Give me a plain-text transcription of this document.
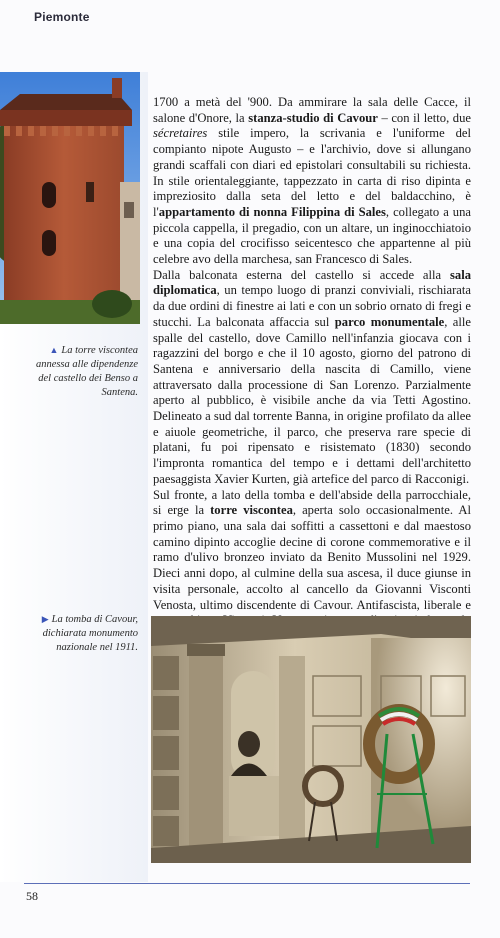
Piemonte
▲ La torre viscontea annessa alle dipendenze del castello dei Benso a Santena.
▶ La tomba di Cavour, dichiarata monumento nazionale nel 1911.

1700 a metà del '900. Da ammirare la sala delle Cacce, il salone d'Onore, la stanza-studio di Cavour – con il letto, due sécretaires stile impero, la scrivania e l'uniforme del compianto nipote Augusto – e l'archivio, dove si allungano grandi scaffali con diari ed epistolari consultabili su richiesta. In stile orientaleggiante, tappezzato in carta di riso dipinta e impreziosito dalla seta del letto e del baldacchino, è l'appartamento di nonna Filippina di Sales, collegato a una piccola cappella, il pregadio, con un altare, un inginocchiatoio e una copia del crocifisso seicentesco che appartenne al più celebre avo della marchesa, san Francesco di Sales.

Dalla balconata esterna del castello si accede alla sala diplomatica, un tempo luogo di pranzi conviviali, rischiarata da due ordini di finestre ai lati e con un sobrio ornato di fregi e stucchi. La balconata affaccia sul parco monumentale, alle spalle del castello, dove Camillo nell'infanzia giocava con i ragazzini del borgo e che il 10 agosto, giorno del patrono di Santena e anniversario della nascita di Camillo, viene attraversato dalla processione di San Lorenzo. Parzialmente aperto al pubblico, è visibile anche da via Tetti Agostino. Delineato a sud dal torrente Banna, in origine profilato da allee e aiuole geometriche, il parco, che preserva rare specie di platani, fu poi ripensato e risistemato (1830) secondo l'impronta romantica del tempo e i dettami dell'architetto paesaggista Xavier Kurten, già artefice del parco di Racconigi.

Sul fronte, a lato della tomba e dell'abside della parrocchiale, si erge la torre viscontea, aperta solo occasionalmente. Al primo piano, una sala dai soffitti a cassettoni e dal maestoso camino dipinto accoglie decine di corone commemorative e il ramo d'ulivo bronzeo inviato da Benito Mussolini nel 1929. Dieci anni dopo, al culmine della sua ascesa, il duce giunse in visita personale, accolto al cancello da Giovanni Visconti Venosta, ultimo discendente di Cavour. Antifascista, liberale e

58
